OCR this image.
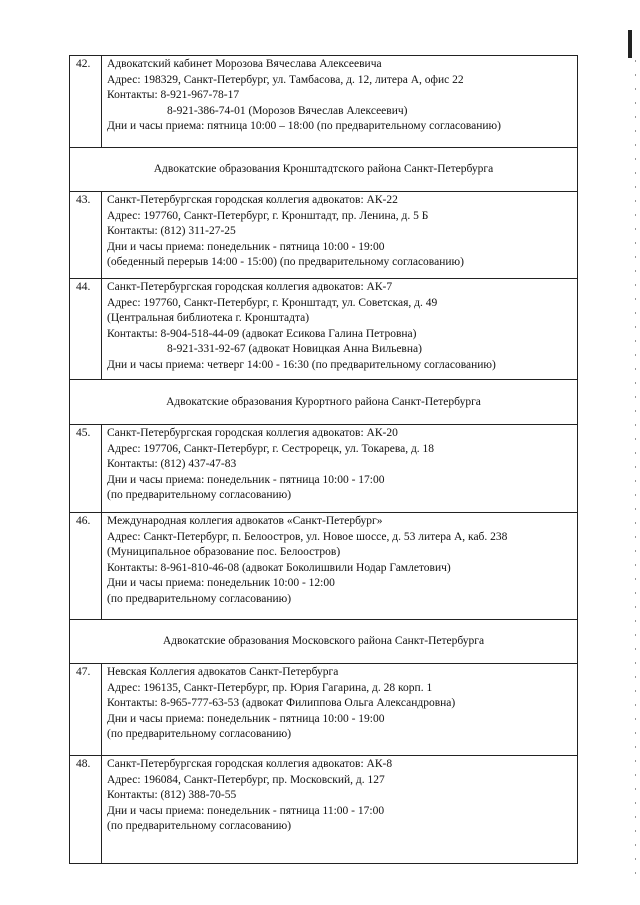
42.	Адвокатский кабинет Морозова Вячеслава Алексеевича
Адрес: 198329, Санкт-Петербург, ул. Тамбасова, д. 12, литера А, офис 22
Контакты: 8-921-967-78-17
8-921-386-74-01 (Морозов Вячеслав Алексеевич)
Дни и часы приема: пятница 10:00 – 18:00 (по предварительному согласованию)
Адвокатские образования Кронштадтского района Санкт-Петербурга
43.	Санкт-Петербургская городская коллегия адвокатов: АК-22
Адрес: 197760, Санкт-Петербург, г. Кронштадт, пр. Ленина, д. 5 Б
Контакты: (812) 311-27-25
Дни и часы приема: понедельник - пятница 10:00 - 19:00
(обеденный перерыв 14:00 - 15:00) (по предварительному согласованию)
44.	Санкт-Петербургская городская коллегия адвокатов: АК-7
Адрес: 197760, Санкт-Петербург, г. Кронштадт, ул. Советская, д. 49
(Центральная библиотека г. Кронштадта)
Контакты: 8-904-518-44-09 (адвокат Есикова Галина Петровна)
8-921-331-92-67 (адвокат Новицкая Анна Вильевна)
Дни и часы приема: четверг 14:00 - 16:30 (по предварительному согласованию)
Адвокатские образования Курортного района Санкт-Петербурга
45.	Санкт-Петербургская городская коллегия адвокатов: АК-20
Адрес: 197706, Санкт-Петербург, г. Сестрорецк, ул. Токарева, д. 18
Контакты: (812) 437-47-83
Дни и часы приема: понедельник - пятница 10:00 - 17:00
(по предварительному согласованию)
46.	Международная коллегия адвокатов «Санкт-Петербург»
Адрес: Санкт-Петербург, п. Белоостров, ул. Новое шоссе, д. 53 литера А, каб. 238
(Муниципальное образование пос. Белоостров)
Контакты: 8-961-810-46-08 (адвокат Боколишвили Нодар Гамлетович)
Дни и часы приема: понедельник 10:00 - 12:00
(по предварительному согласованию)
Адвокатские образования Московского района Санкт-Петербурга
47.	Невская Коллегия адвокатов Санкт-Петербурга
Адрес: 196135, Санкт-Петербург, пр. Юрия Гагарина, д. 28 корп. 1
Контакты: 8-965-777-63-53 (адвокат Филиппова Ольга Александровна)
Дни и часы приема: понедельник - пятница 10:00 - 19:00
(по предварительному согласованию)
48.	Санкт-Петербургская городская коллегия адвокатов: АК-8
Адрес: 196084, Санкт-Петербург, пр. Московский, д. 127
Контакты: (812) 388-70-55
Дни и часы приема: понедельник - пятница 11:00 - 17:00
(по предварительному согласованию)
